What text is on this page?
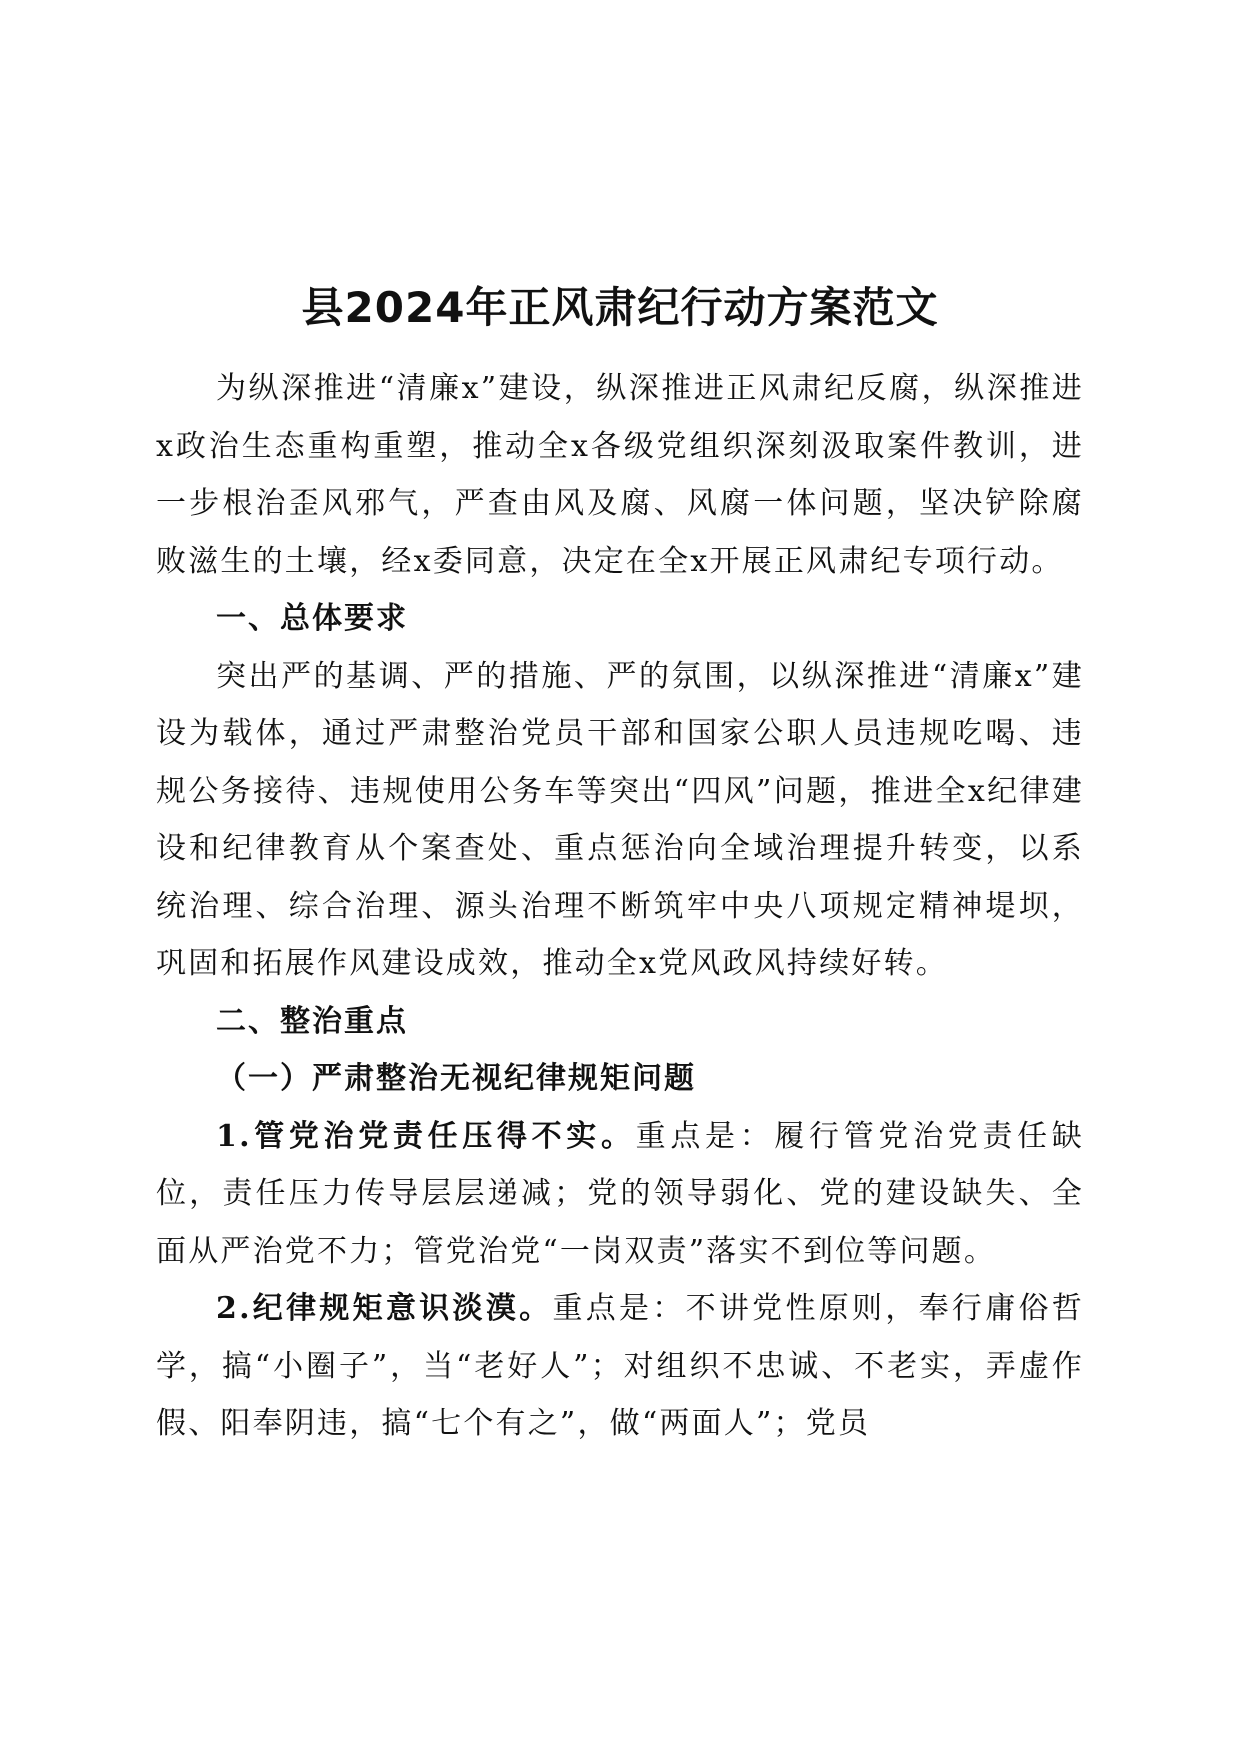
县2024年正风肃纪行动方案范文

为纵深推进“清廉x”建设，纵深推进正风肃纪反腐，纵深推进x政治生态重构重塑，推动全x各级党组织深刻汲取案件教训，进一步根治歪风邪气，严查由风及腐、风腐一体问题，坚决铲除腐败滋生的土壤，经x委同意，决定在全x开展正风肃纪专项行动。

一、总体要求

突出严的基调、严的措施、严的氛围，以纵深推进“清廉x”建设为载体，通过严肃整治党员干部和国家公职人员违规吃喝、违规公务接待、违规使用公务车等突出“四风”问题，推进全x纪律建设和纪律教育从个案查处、重点惩治向全域治理提升转变，以系统治理、综合治理、源头治理不断筑牢中央八项规定精神堤坝，巩固和拓展作风建设成效，推动全x党风政风持续好转。

二、整治重点

（一）严肃整治无视纪律规矩问题

1.管党治党责任压得不实。重点是：履行管党治党责任缺位，责任压力传导层层递减；党的领导弱化、党的建设缺失、全面从严治党不力；管党治党“一岗双责”落实不到位等问题。

2.纪律规矩意识淡漠。重点是：不讲党性原则，奉行庸俗哲学，搞“小圈子”，当“老好人”；对组织不忠诚、不老实，弄虚作假、阳奉阴违，搞“七个有之”，做“两面人”；党员
